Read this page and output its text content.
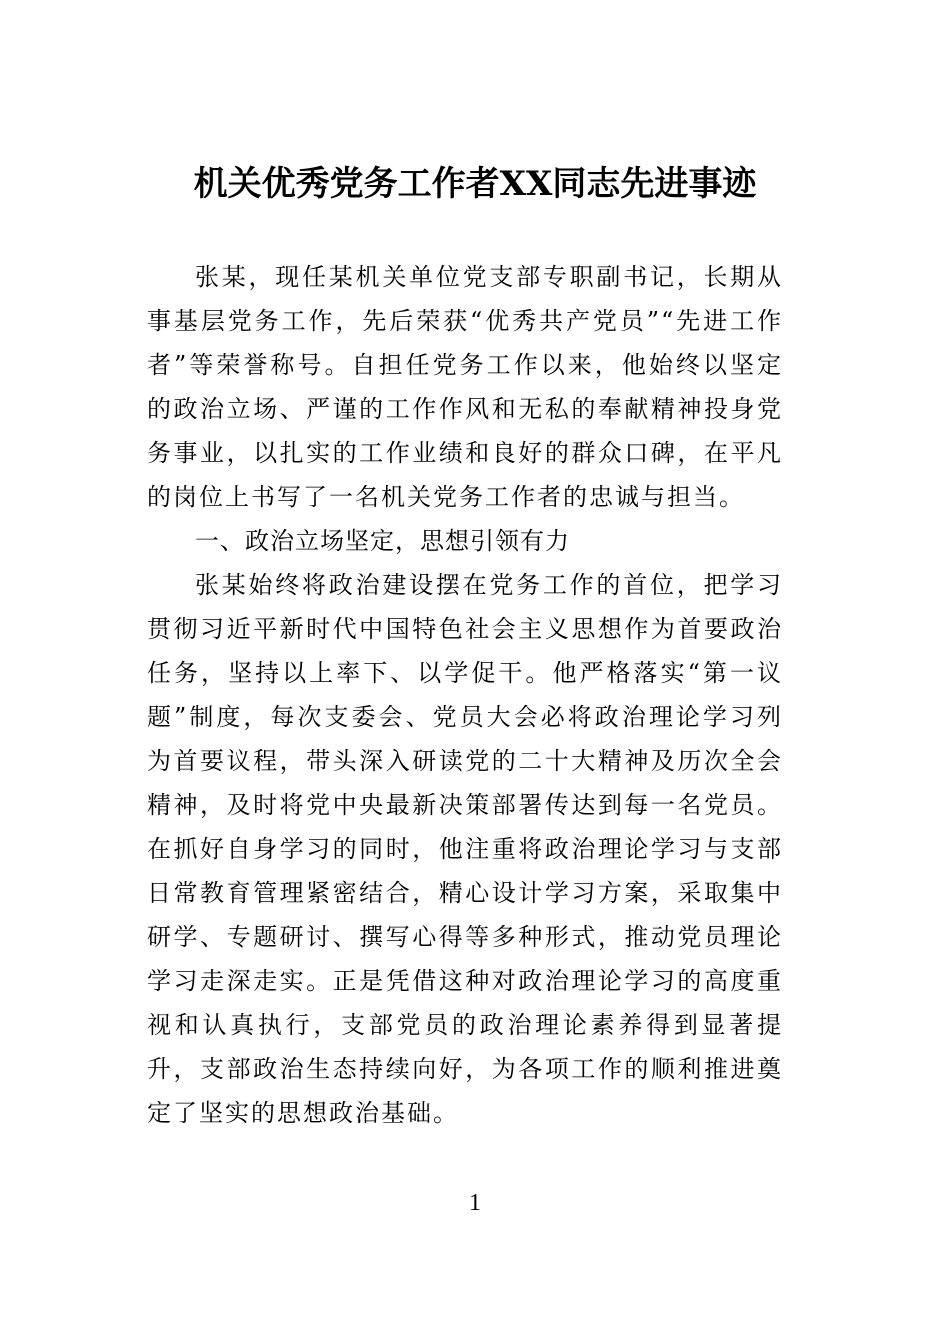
机关优秀党务工作者XX同志先进事迹

张某，现任某机关单位党支部专职副书记，长期从事基层党务工作，先后荣获“优秀共产党员”“先进工作者”等荣誉称号。自担任党务工作以来，他始终以坚定的政治立场、严谨的工作作风和无私的奉献精神投身党务事业，以扎实的工作业绩和良好的群众口碑，在平凡的岗位上书写了一名机关党务工作者的忠诚与担当。

一、政治立场坚定，思想引领有力

张某始终将政治建设摆在党务工作的首位，把学习贯彻习近平新时代中国特色社会主义思想作为首要政治任务，坚持以上率下、以学促干。他严格落实“第一议题”制度，每次支委会、党员大会必将政治理论学习列为首要议程，带头深入研读党的二十大精神及历次全会精神，及时将党中央最新决策部署传达到每一名党员。在抓好自身学习的同时，他注重将政治理论学习与支部日常教育管理紧密结合，精心设计学习方案，采取集中研学、专题研讨、撰写心得等多种形式，推动党员理论学习走深走实。正是凭借这种对政治理论学习的高度重视和认真执行，支部党员的政治理论素养得到显著提升，支部政治生态持续向好，为各项工作的顺利推进奠定了坚实的思想政治基础。

1
